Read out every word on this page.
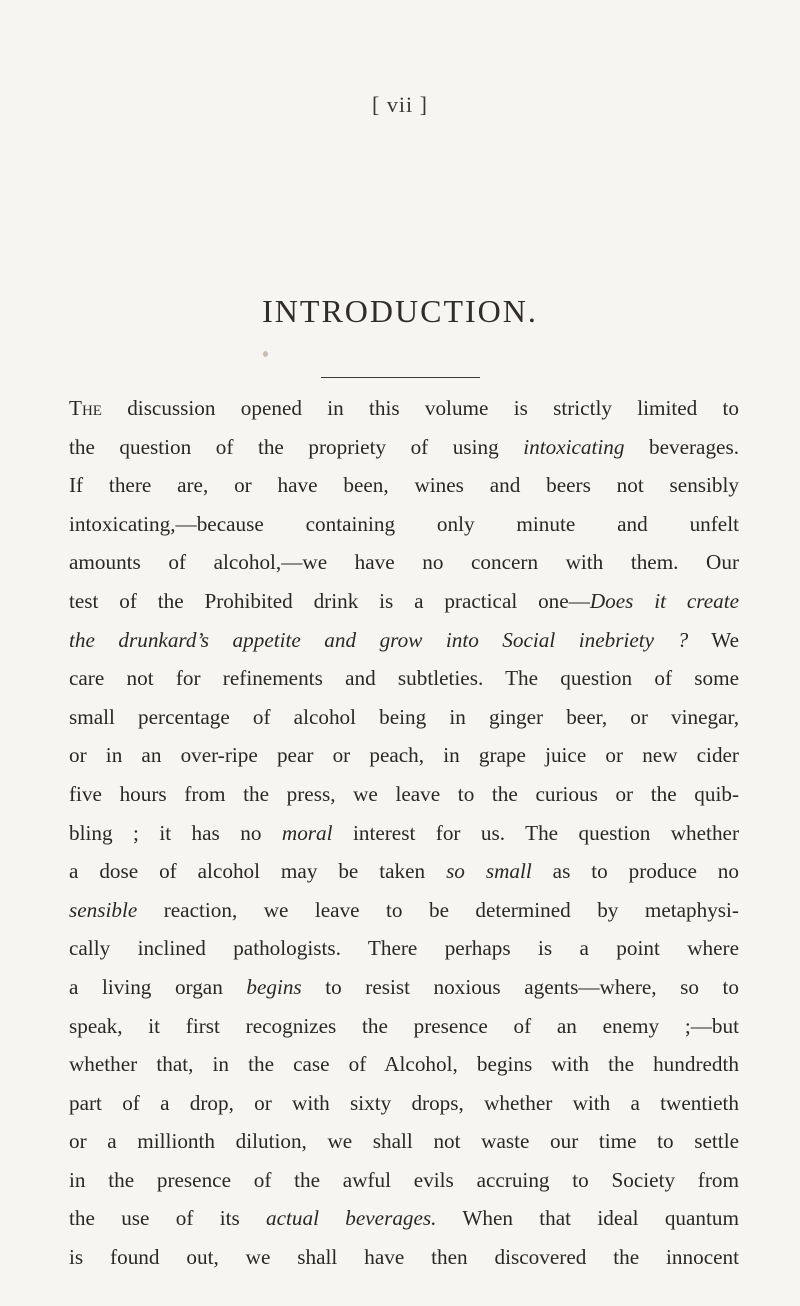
[ vii ]
INTRODUCTION.
The discussion opened in this volume is strictly limited to
the question of the propriety of using intoxicating beverages.
If there are, or have been, wines and beers not sensibly
intoxicating,—because containing only minute and unfelt
amounts of alcohol,—we have no concern with them. Our
test of the Prohibited drink is a practical one—Does it create
the drunkard’s appetite and grow into Social inebriety ? We
care not for refinements and subtleties. The question of some
small percentage of alcohol being in ginger beer, or vinegar,
or in an over-ripe pear or peach, in grape juice or new cider
five hours from the press, we leave to the curious or the quib-
bling ; it has no moral interest for us. The question whether
a dose of alcohol may be taken so small as to produce no
sensible reaction, we leave to be determined by metaphysi-
cally inclined pathologists. There perhaps is a point where
a living organ begins to resist noxious agents—where, so to
speak, it first recognizes the presence of an enemy ;—but
whether that, in the case of Alcohol, begins with the hundredth
part of a drop, or with sixty drops, whether with a twentieth
or a millionth dilution, we shall not waste our time to settle
in the presence of the awful evils accruing to Society from
the use of its actual beverages. When that ideal quantum
is found out, we shall have then discovered the innocent
